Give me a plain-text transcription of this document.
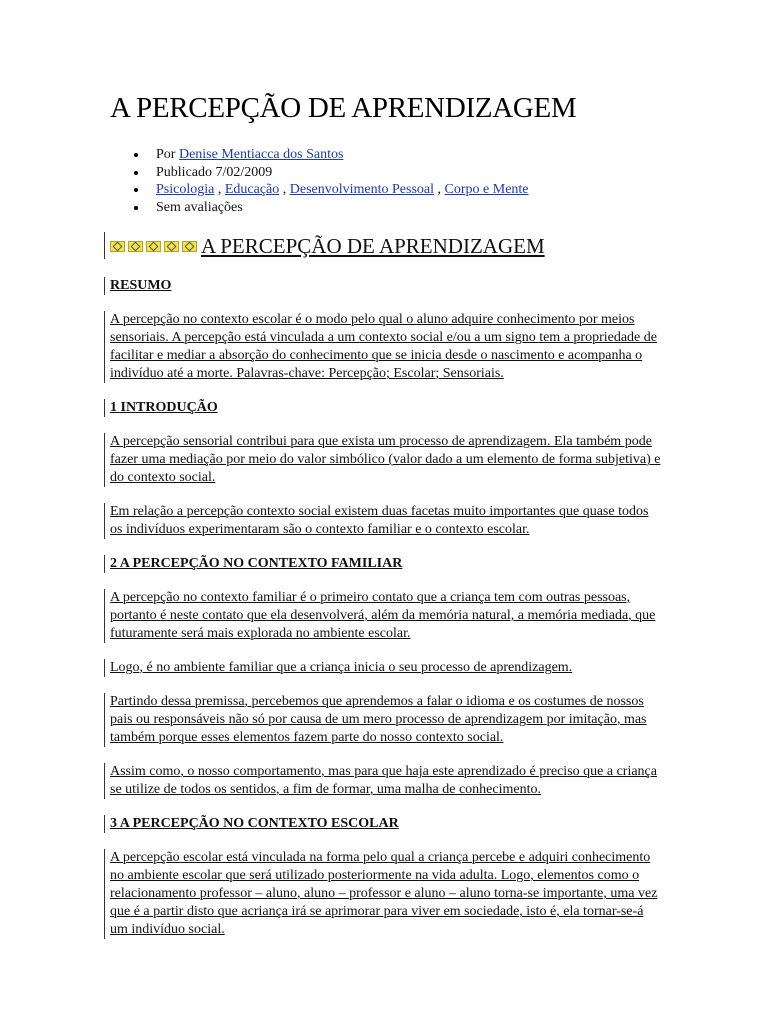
A PERCEPÇÃO DE APRENDIZAGEM
Por Denise Mentiacca dos Santos
Publicado 7/02/2009
Psicologia , Educação , Desenvolvimento Pessoal , Corpo e Mente
Sem avaliações
A PERCEPÇÃO DE APRENDIZAGEM
RESUMO
A percepção no contexto escolar é o modo pelo qual o aluno adquire conhecimento por meios sensoriais. A percepção está vinculada a um contexto social e/ou a um signo tem a propriedade de facilitar e mediar a absorção do conhecimento que se inicia desde o nascimento e acompanha o indivíduo até a morte. Palavras-chave: Percepção; Escolar; Sensoriais.
1 INTRODUÇÃO
A percepção sensorial contribui para que exista um processo de aprendizagem. Ela também pode fazer uma mediação por meio do valor simbólico (valor dado a um elemento de forma subjetiva) e do contexto social.
Em relação a percepção contexto social existem duas facetas muito importantes que quase todos os indivíduos experimentaram são o contexto familiar e o contexto escolar.
2 A PERCEPÇÃO NO CONTEXTO FAMILIAR
A percepção no contexto familiar é o primeiro contato que a criança tem com outras pessoas, portanto é neste contato que ela desenvolverá, além da memória natural, a memória mediada, que futuramente será mais explorada no ambiente escolar.
Logo, é no ambiente familiar que a criança inicia o seu processo de aprendizagem.
Partindo dessa premissa, percebemos que aprendemos a falar o idioma e os costumes de nossos pais ou responsáveis não só por causa de um mero processo de aprendizagem por imitação, mas também porque esses elementos fazem parte do nosso contexto social.
Assim como, o nosso comportamento, mas para que haja este aprendizado é preciso que a criança se utilize de todos os sentidos, a fim de formar, uma malha de conhecimento.
3 A PERCEPÇÃO NO CONTEXTO ESCOLAR
A percepção escolar está vinculada na forma pelo qual a criança percebe e adquiri conhecimento no ambiente escolar que será utilizado posteriormente na vida adulta. Logo, elementos como o relacionamento professor – aluno, aluno – professor e aluno – aluno torna-se importante, uma vez que é a partir disto que acriança irá se aprimorar para viver em sociedade, isto é, ela tornar-se-á um indivíduo social.
